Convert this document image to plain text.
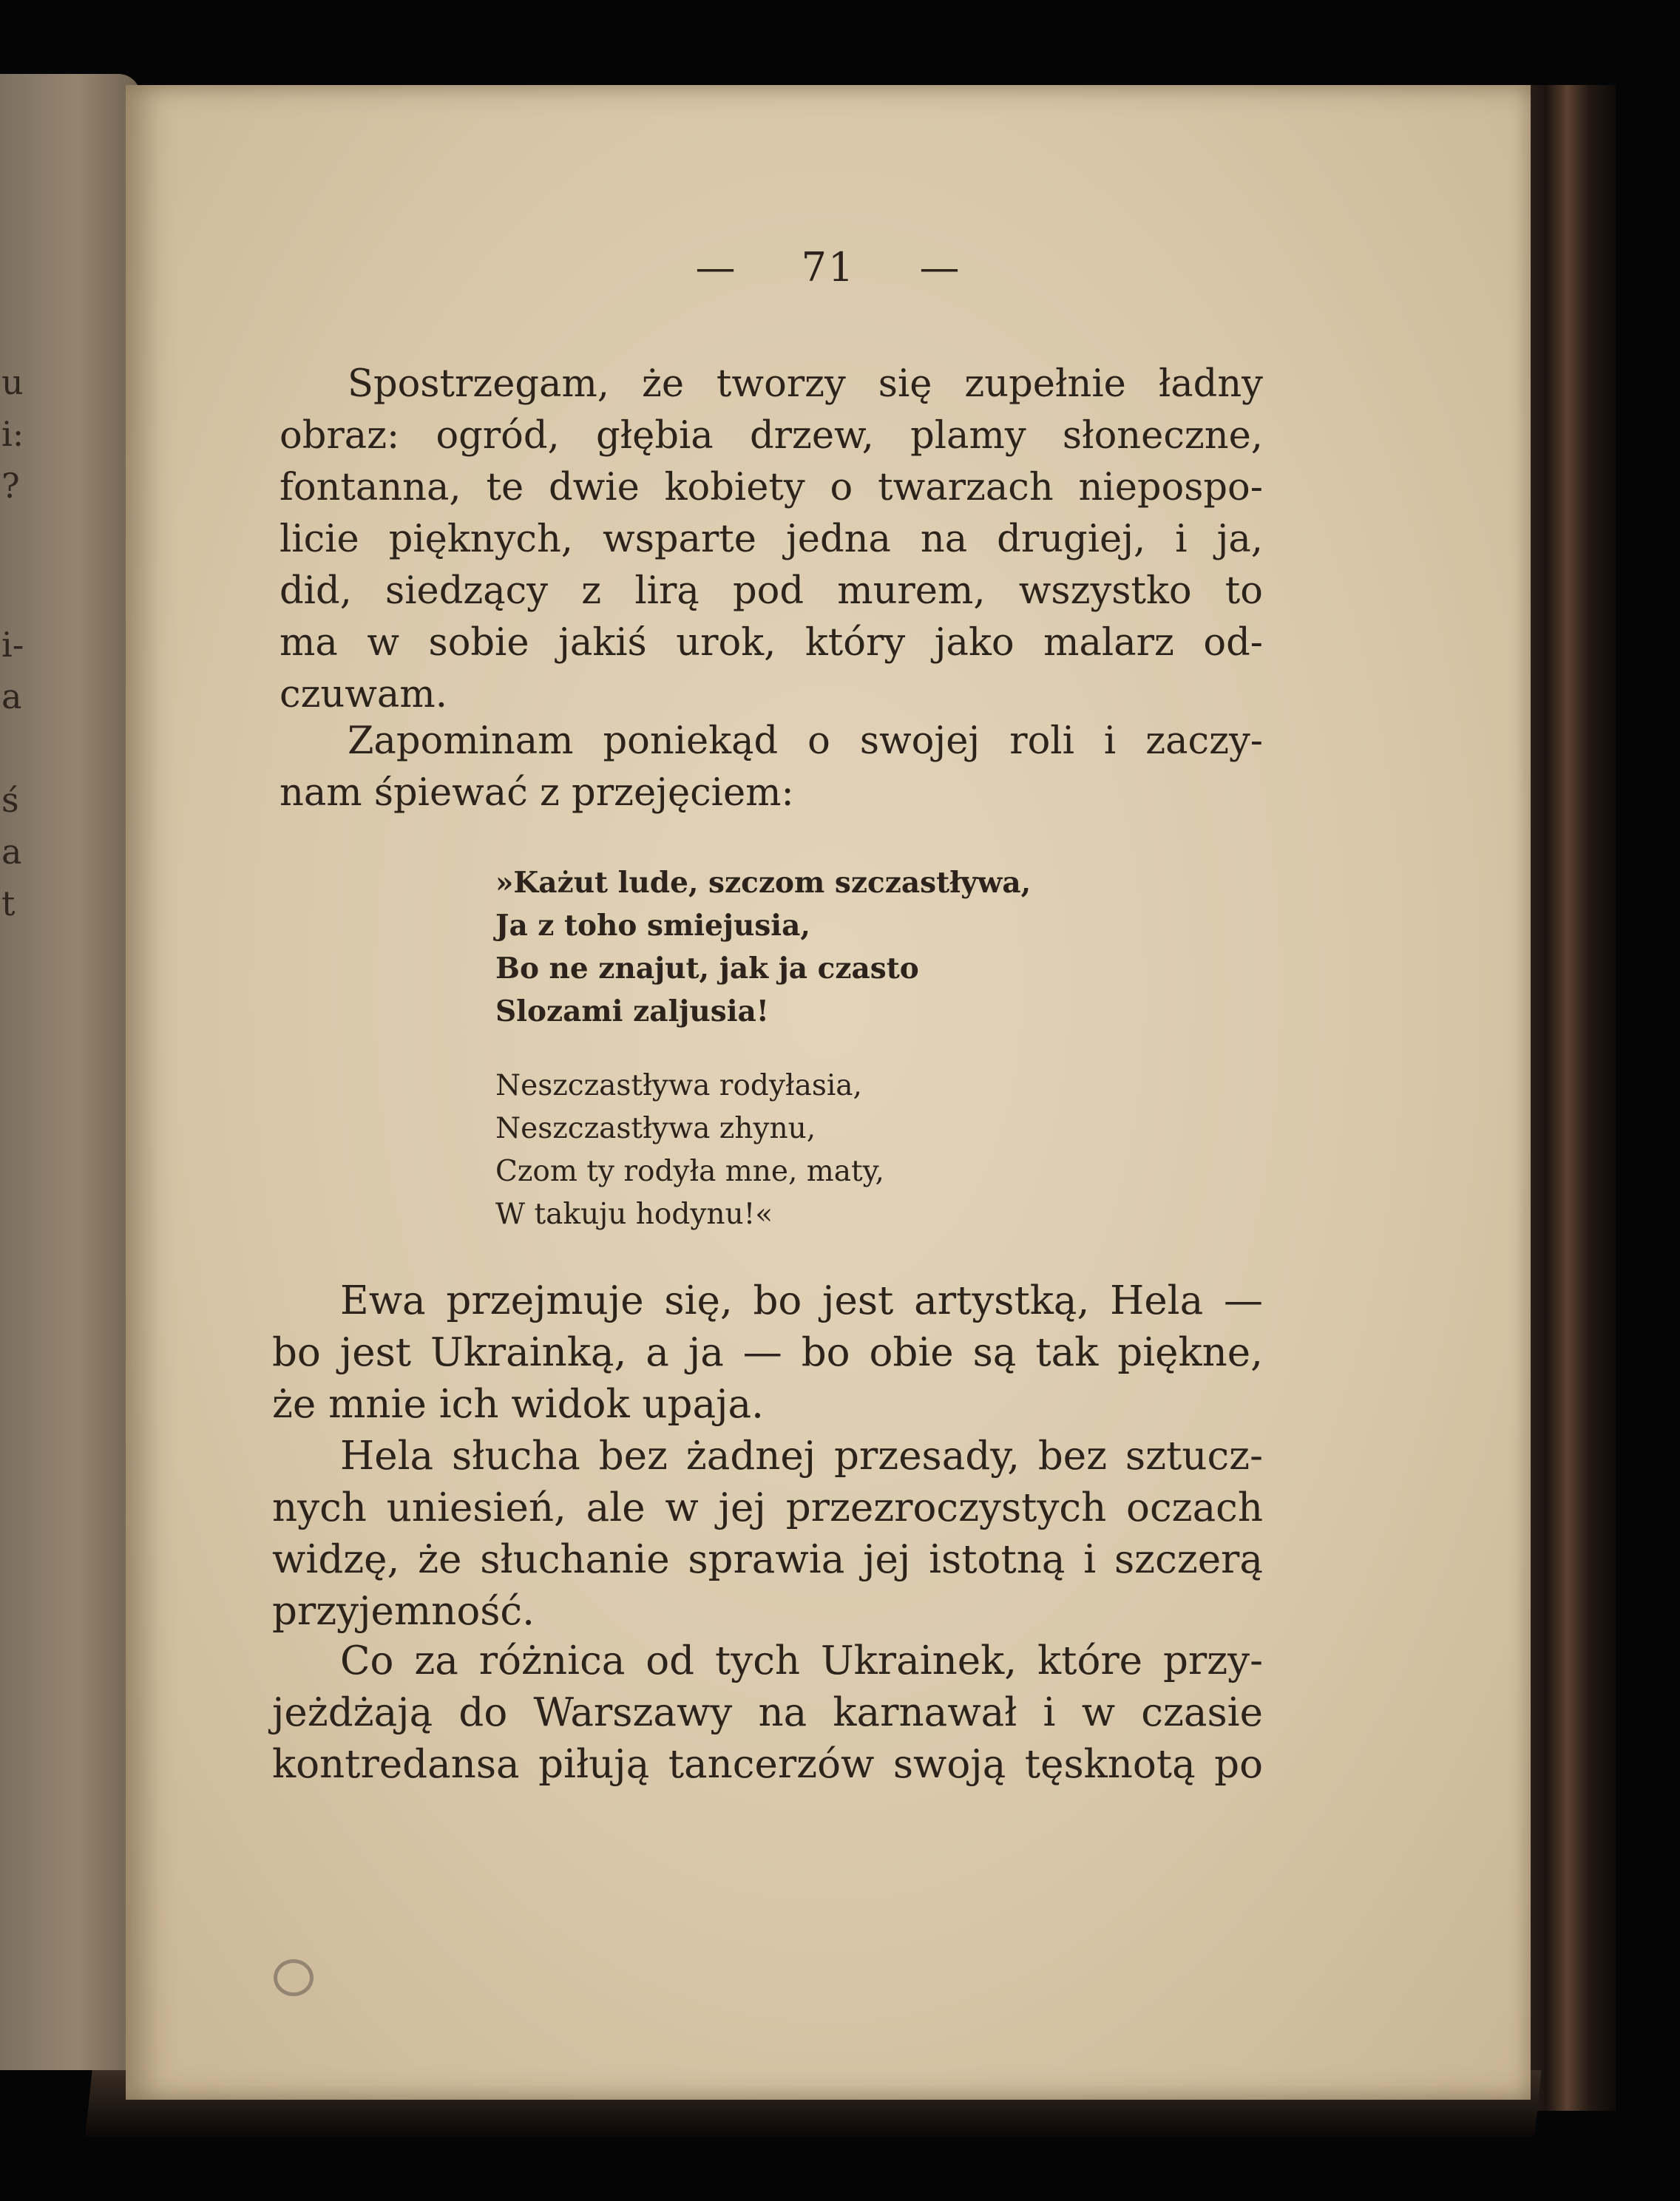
u
i:
?
i-
a
ś
a
t
— 71 —
Spostrzegam, że tworzy się zupełnie ładny
obraz: ogród, głębia drzew, plamy słoneczne,
fontanna, te dwie kobiety o twarzach niepospo-
licie pięknych, wsparte jedna na drugiej, i ja,
did, siedzący z lirą pod murem, wszystko to
ma w sobie jakiś urok, który jako malarz od-
czuwam.
Zapominam poniekąd o swojej roli i zaczy-
nam śpiewać z przejęciem:
»Każut lude, szczom szczastływa,
Ja z toho smiejusia,
Bo ne znajut, jak ja czasto
Slozami zaljusia!
Neszczastływa rodyłasia,
Neszczastływa zhynu,
Czom ty rodyła mne, maty,
W takuju hodynu!«
Ewa przejmuje się, bo jest artystką, Hela —
bo jest Ukrainką, a ja — bo obie są tak piękne,
że mnie ich widok upaja.
Hela słucha bez żadnej przesady, bez sztucz-
nych uniesień, ale w jej przezroczystych oczach
widzę, że słuchanie sprawia jej istotną i szczerą
przyjemność.
Co za różnica od tych Ukrainek, które przy-
jeżdżają do Warszawy na karnawał i w czasie
kontredansa piłują tancerzów swoją tęsknotą po
